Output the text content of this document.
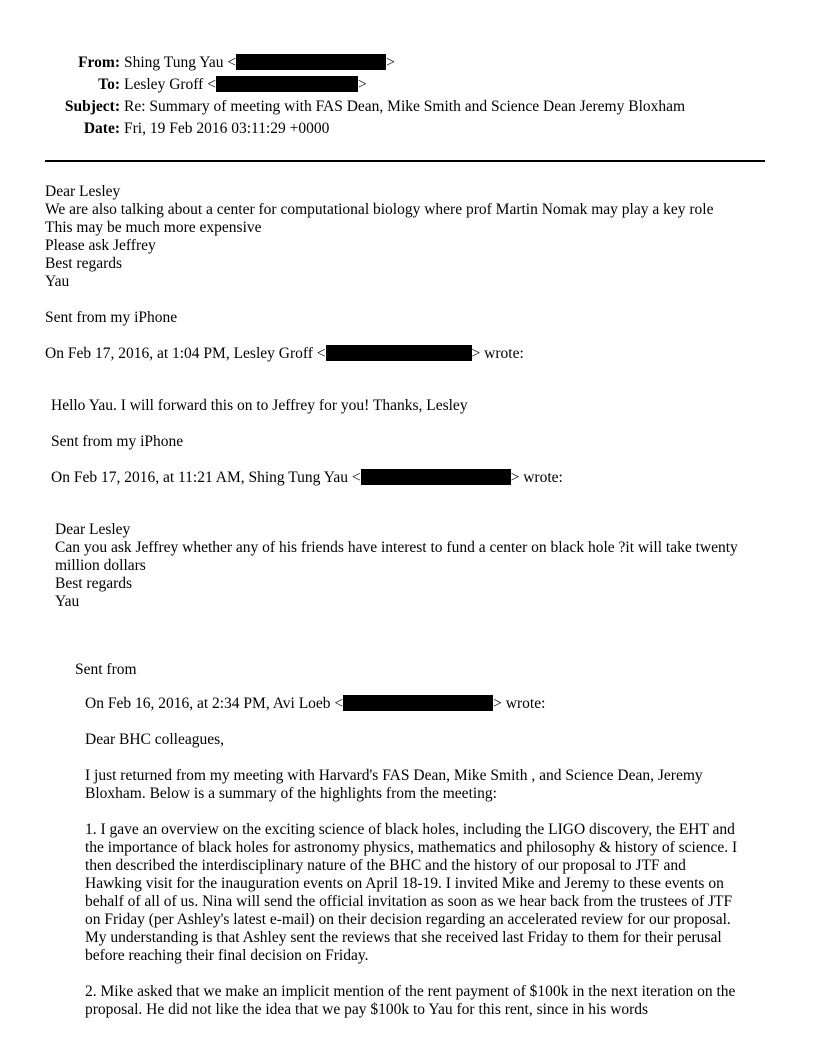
From: Shing Tung Yau <	>
To: Lesley Groff <	>
Subject: Re: Summary of meeting with FAS Dean, Mike Smith and Science Dean Jeremy Bloxham
Date: Fri, 19 Feb 2016 03:11:29 +0000
Dear Lesley
We are also talking about a center for computational biology where prof Martin Nomak may play a key role
This may be much more expensive
Please ask Jeffrey
Best regards
Yau
Sent from my iPhone
On Feb 17, 2016, at 1:04 PM, Lesley Groff <	> wrote:
Hello Yau. I will forward this on to Jeffrey for you! Thanks, Lesley
Sent from my iPhone
On Feb 17, 2016, at 11:21 AM, Shing Tung Yau <	> wrote:
Dear Lesley
Can you ask Jeffrey whether any of his friends have interest to fund a center on black hole ?it will take twenty
million dollars
Best regards
Yau
Sent from
On Feb 16, 2016, at 2:34 PM, Avi Loeb <	> wrote:
Dear BHC colleagues,

I just returned from my meeting with Harvard's FAS Dean, Mike Smith , and Science Dean, Jeremy Bloxham. Below is a summary of the highlights from the meeting:

1. I gave an overview on the exciting science of black holes, including the LIGO discovery, the EHT and the importance of black holes for astronomy physics, mathematics and philosophy & history of science. I then described the interdisciplinary nature of the BHC and the history of our proposal to JTF and Hawking visit for the inauguration events on April 18-19. I invited Mike and Jeremy to these events on behalf of all of us. Nina will send the official invitation as soon as we hear back from the trustees of JTF on Friday (per Ashley's latest e-mail) on their decision regarding an accelerated review for our proposal. My understanding is that Ashley sent the reviews that she received last Friday to them for their perusal before reaching their final decision on Friday.

2. Mike asked that we make an implicit mention of the rent payment of $100k in the next iteration on the proposal. He did not like the idea that we pay $100k to Yau for this rent, since in his words
